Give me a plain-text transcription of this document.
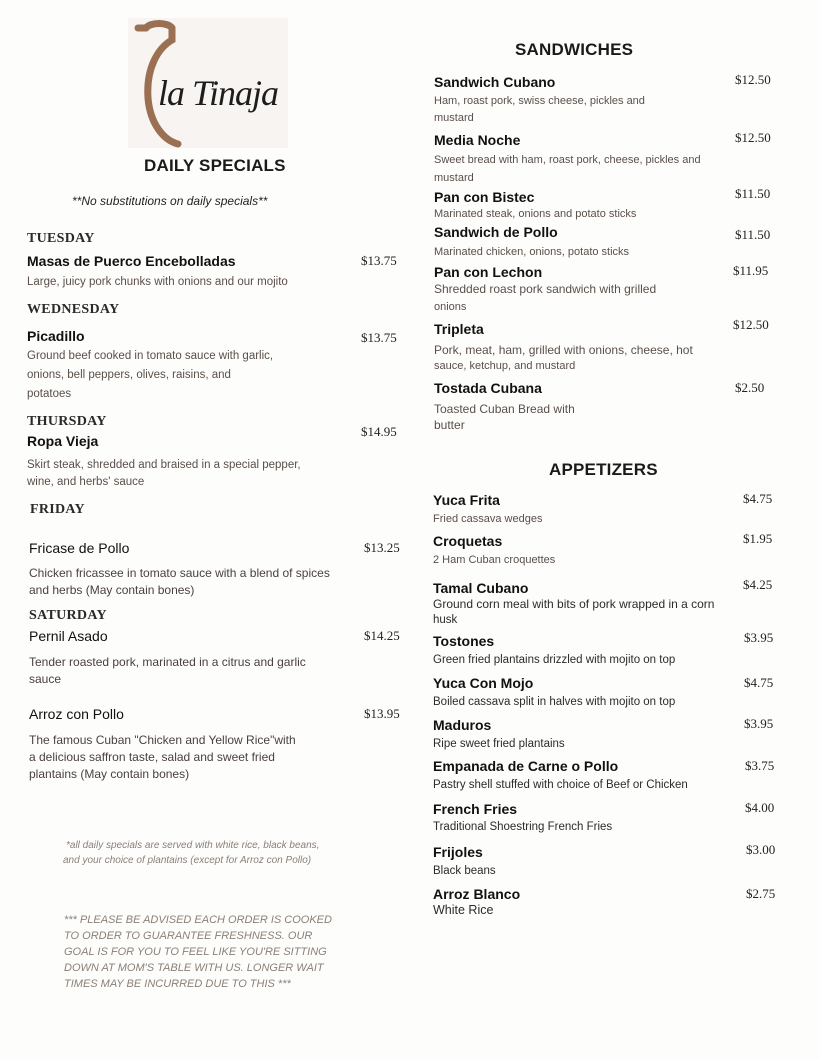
la Tinaja
DAILY SPECIALS
**No substitutions on daily specials**
TUESDAY
Masas de Puerco Encebolladas	$13.75
Large, juicy pork chunks with onions and our mojito
WEDNESDAY
Picadillo	$13.75
Ground beef cooked in tomato sauce with garlic,
onions, bell peppers, olives, raisins, and
potatoes
THURSDAY
Ropa Vieja
$14.95
Skirt steak, shredded and braised in a special pepper,
wine, and herbs' sauce
FRIDAY
Fricase de Pollo	$13.25
Chicken fricassee in tomato sauce with a blend of spices
and herbs (May contain bones)
SATURDAY
Pernil Asado	$14.25
Tender roasted pork, marinated in a citrus and garlic
sauce
Arroz con Pollo	$13.95
The famous Cuban "Chicken and Yellow Rice"with
a delicious saffron taste, salad and sweet fried
plantains (May contain bones)
*all daily specials are served with white rice, black beans,
and your choice of plantains (except for Arroz con Pollo)
*** PLEASE BE ADVISED EACH ORDER IS COOKED
TO ORDER TO GUARANTEE FRESHNESS. OUR
GOAL IS FOR YOU TO FEEL LIKE YOU'RE SITTING
DOWN AT MOM'S TABLE WITH US. LONGER WAIT
TIMES MAY BE INCURRED DUE TO THIS ***
SANDWICHES
Sandwich Cubano	$12.50
Ham, roast pork, swiss cheese, pickles and
mustard
Media Noche	$12.50
Sweet bread with ham, roast pork, cheese, pickles and
mustard
Pan con Bistec	$11.50
Marinated steak, onions and potato sticks
Sandwich de Pollo	$11.50
Marinated chicken, onions, potato sticks
Pan con Lechon	$11.95
Shredded roast pork sandwich with grilled
onions
Tripleta	$12.50
Pork, meat, ham, grilled with onions, cheese, hot
sauce, ketchup, and mustard
Tostada Cubana	$2.50
Toasted Cuban Bread with
butter
APPETIZERS
Yuca Frita	$4.75
Fried cassava wedges
Croquetas	$1.95
2 Ham Cuban croquettes
Tamal Cubano	$4.25
Ground corn meal with bits of pork wrapped in a corn
husk
Tostones	$3.95
Green fried plantains drizzled with mojito on top
Yuca Con Mojo	$4.75
Boiled cassava split in halves with mojito on top
Maduros	$3.95
Ripe sweet fried plantains
Empanada de Carne o Pollo	$3.75
Pastry shell stuffed with choice of Beef or Chicken
French Fries	$4.00
Traditional Shoestring French Fries
Frijoles	$3.00
Black beans
Arroz Blanco	$2.75
White Rice
